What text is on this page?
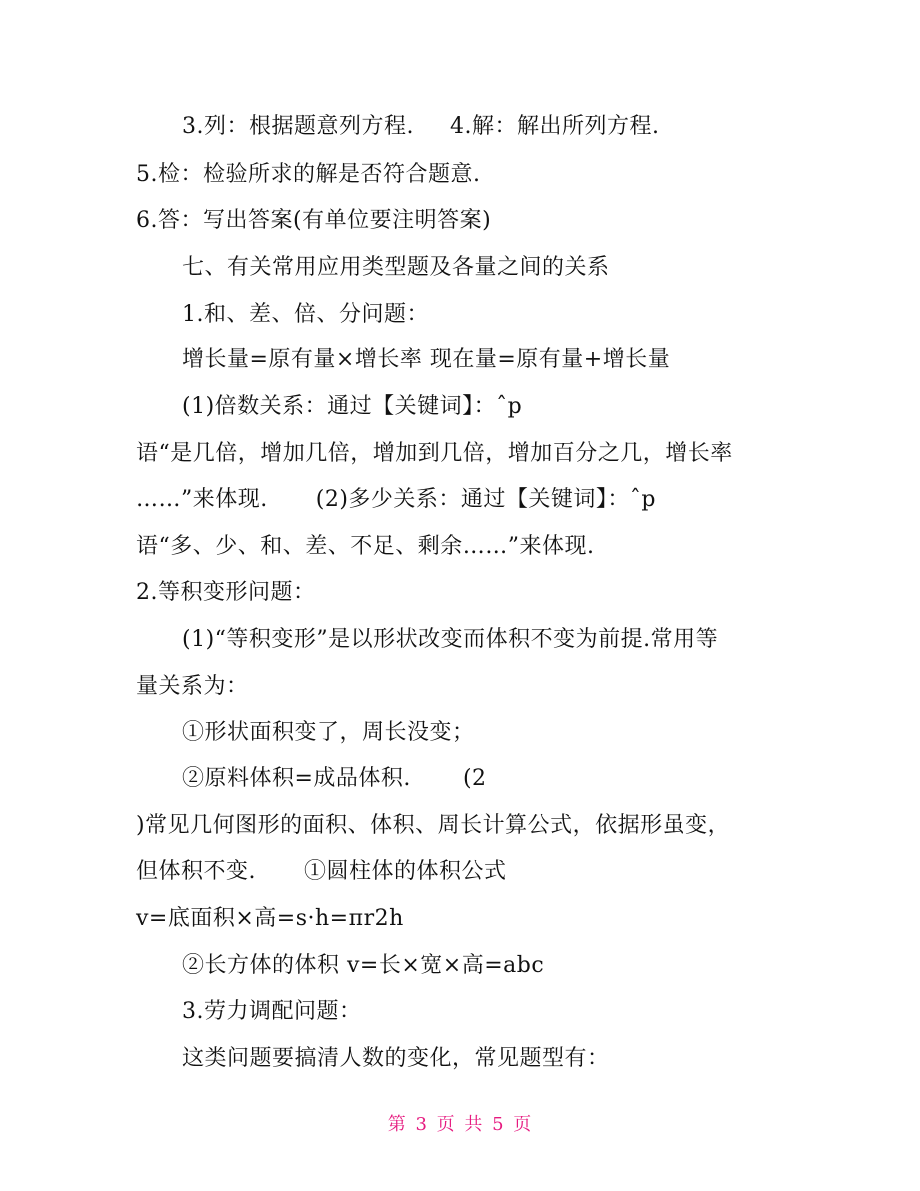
3.列：根据题意列方程. 4.解：解出所列方程.
5.检：检验所求的解是否符合题意.
6.答：写出答案(有单位要注明答案)
七、有关常用应用类型题及各量之间的关系
1.和、差、倍、分问题：
增长量=原有量×增长率 现在量=原有量+增长量
(1)倍数关系：通过【关键词】：ˆp
语“是几倍，增加几倍，增加到几倍，增加百分之几，增长率
……”来体现. (2)多少关系：通过【关键词】：ˆp
语“多、少、和、差、不足、剩余……”来体现.
2.等积变形问题：
(1)“等积变形”是以形状改变而体积不变为前提.常用等
量关系为：
①形状面积变了，周长没变；
②原料体积=成品体积. (2
)常见几何图形的面积、体积、周长计算公式，依据形虽变，
但体积不变. ①圆柱体的体积公式
v=底面积×高=s·h=πr2h
②长方体的体积 v=长×宽×高=abc
3.劳力调配问题：
这类问题要搞清人数的变化，常见题型有：
第 3 页 共 5 页
